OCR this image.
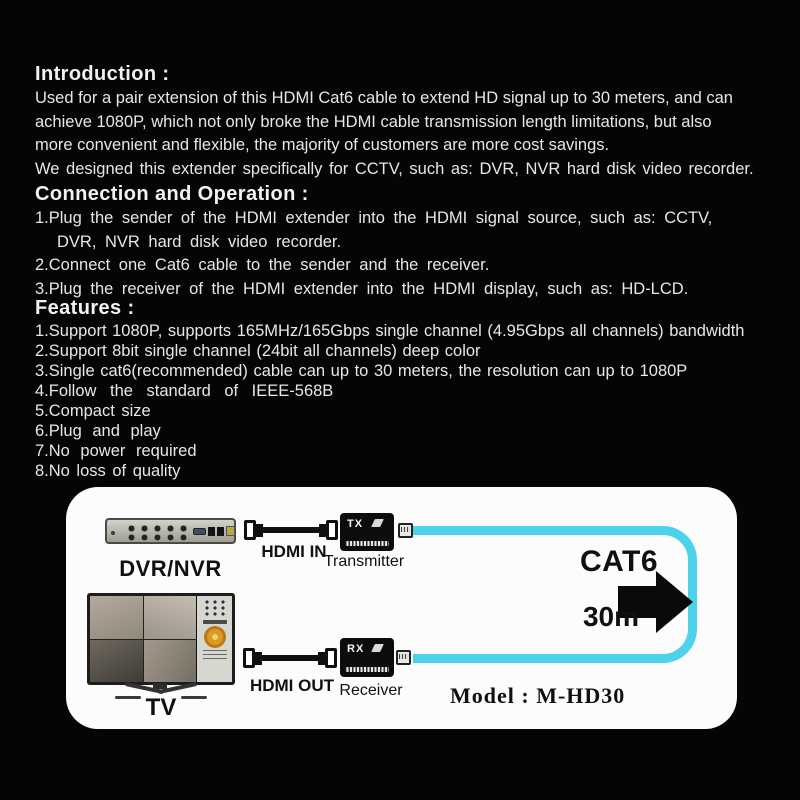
Introduction :
Used for a pair extension of this HDMI Cat6 cable to extend HD signal up to 30 meters, and can
achieve 1080P, which not only broke the HDMI cable transmission length limitations, but also
more convenient and flexible, the majority of customers are more cost savings.
We designed this extender specifically for CCTV, such as: DVR, NVR hard disk video recorder.
Connection and Operation :
1.Plug the sender of the HDMI extender into the HDMI signal source, such as: CCTV,
DVR, NVR hard disk video recorder.
2.Connect one Cat6 cable to the sender and the receiver.
3.Plug the receiver of the HDMI extender into the HDMI display, such as: HD-LCD.
Features :
1.Support 1080P, supports 165MHz/165Gbps single channel (4.95Gbps all channels) bandwidth
2.Support 8bit single channel (24bit all channels) deep color
3.Single cat6(recommended) cable can up to 30 meters, the resolution can up to 1080P
4.Follow the standard of IEEE-568B
5.Compact size
6.Plug and play
7.No power required
8.No loss of quality
CAT6
30m
DVR/NVR
HDMI IN
TX
Transmitter
TV
HDMI OUT
RX
Receiver	Model : M-HD30
